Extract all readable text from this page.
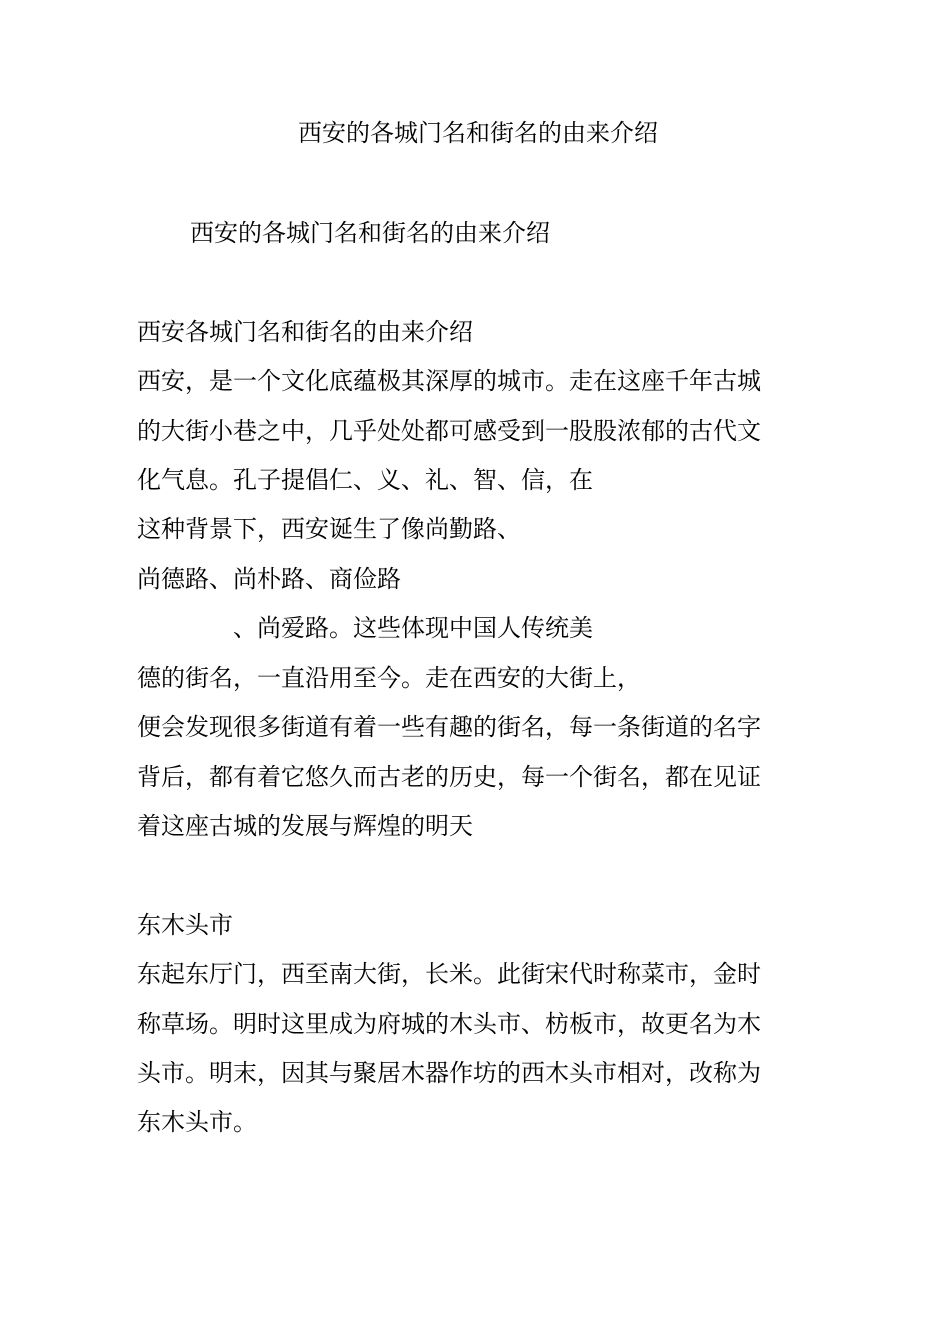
西安的各城门名和街名的由来介绍
西安的各城门名和街名的由来介绍
西安各城门名和街名的由来介绍
西安，是一个文化底蕴极其深厚的城市。走在这座千年古城
的大街小巷之中，几乎处处都可感受到一股股浓郁的古代文
化气息。孔子提倡仁、义、礼、智、信，在
这种背景下，西安诞生了像尚勤路、
尚德路、尚朴路、商俭路
、尚爱路。这些体现中国人传统美
德的街名，一直沿用至今。走在西安的大街上，
便会发现很多街道有着一些有趣的街名，每一条街道的名字
背后，都有着它悠久而古老的历史，每一个街名，都在见证
着这座古城的发展与辉煌的明天
东木头市
东起东厅门，西至南大街，长米。此街宋代时称菜市，金时
称草场。明时这里成为府城的木头市、枋板市，故更名为木
头市。明末，因其与聚居木器作坊的西木头市相对，改称为
东木头市。
